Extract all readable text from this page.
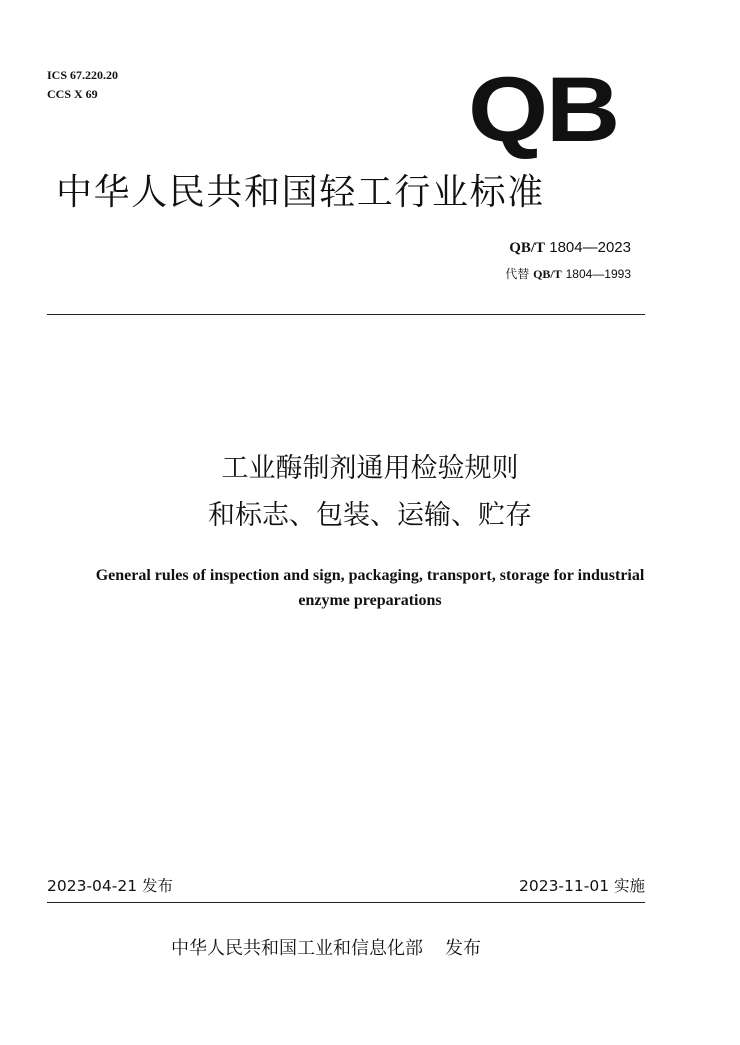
ICS 67.220.20
CCS X 69	QB
中华人民共和国轻工行业标准
QB/T 1804—2023
代替 QB/T 1804—1993
工业酶制剂通用检验规则
和标志、包装、运输、贮存
General rules of inspection and sign, packaging, transport, storage for industrial
enzyme preparations
2023-04-21 发布	2023-11-01 实施
中华人民共和国工业和信息化部 发布
